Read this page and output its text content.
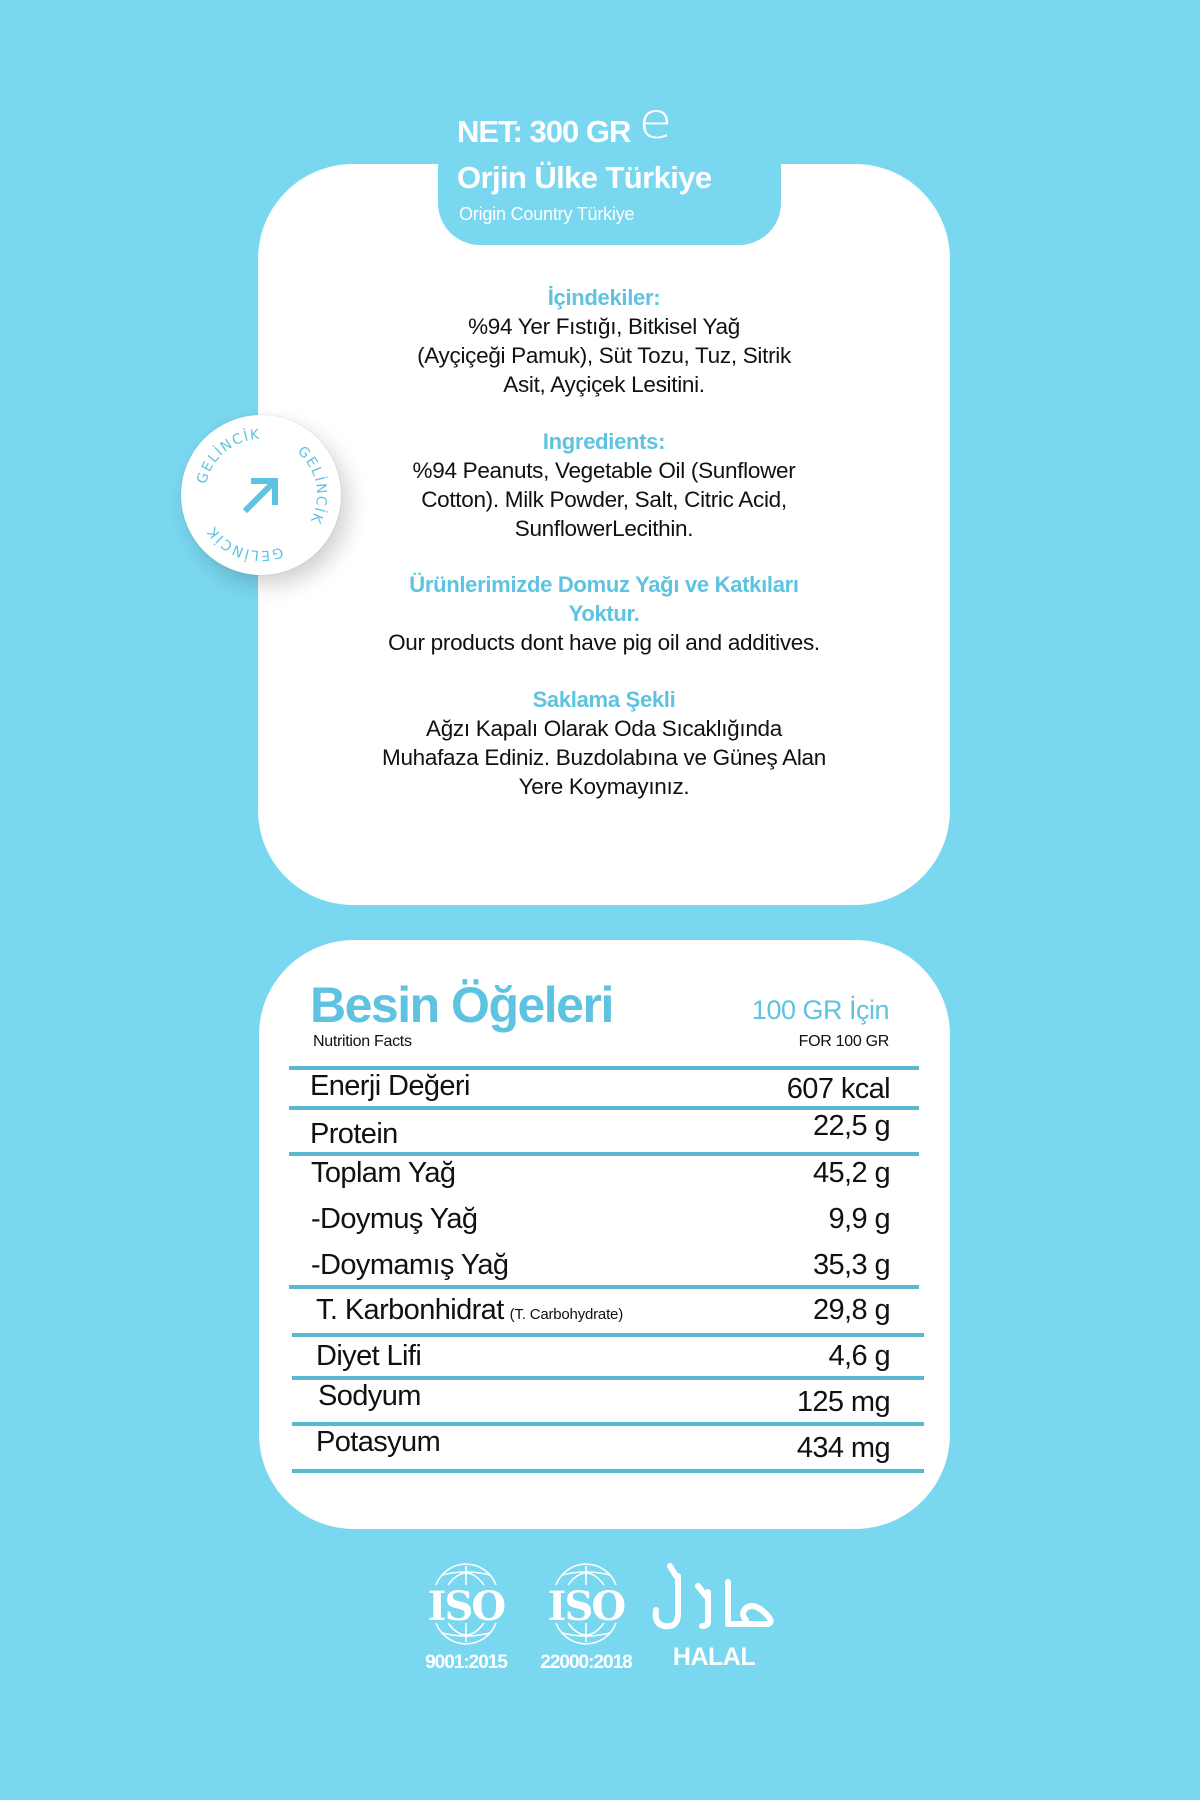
NET: 300 GR e
Orjin Ülke Türkiye
Origin Country Türkiye
İçindekiler:
%94 Yer Fıstığı, Bitkisel Yağ
(Ayçiçeği Pamuk), Süt Tozu, Tuz, Sitrik
Asit, Ayçiçek Lesitini.
Ingredients:
%94 Peanuts, Vegetable Oil (Sunflower
Cotton). Milk Powder, Salt, Citric Acid,
SunflowerLecithin.
Ürünlerimizde Domuz Yağı ve Katkıları
Yoktur.
Our products dont have pig oil and additives.
Saklama Şekli
Ağzı Kapalı Olarak Oda Sıcaklığında
Muhafaza Ediniz. Buzdolabına ve Güneş Alan
Yere Koymayınız.
GELİNCİK
GELİNCİK
GELİNCİK
Besin Öğeleri
Nutrition Facts
100 GR İçin
FOR 100 GR
Enerji Değeri	607 kcal
Protein	22,5 g
Toplam Yağ	45,2 g
-Doymuş Yağ	9,9 g
-Doymamış Yağ	35,3 g
T. Karbonhidrat (T. Carbohydrate)	29,8 g
Diyet Lifi	4,6 g
Sodyum	125 mg
Potasyum	434 mg
ISO
9001:2015
ISO
22000:2018	HALAL
